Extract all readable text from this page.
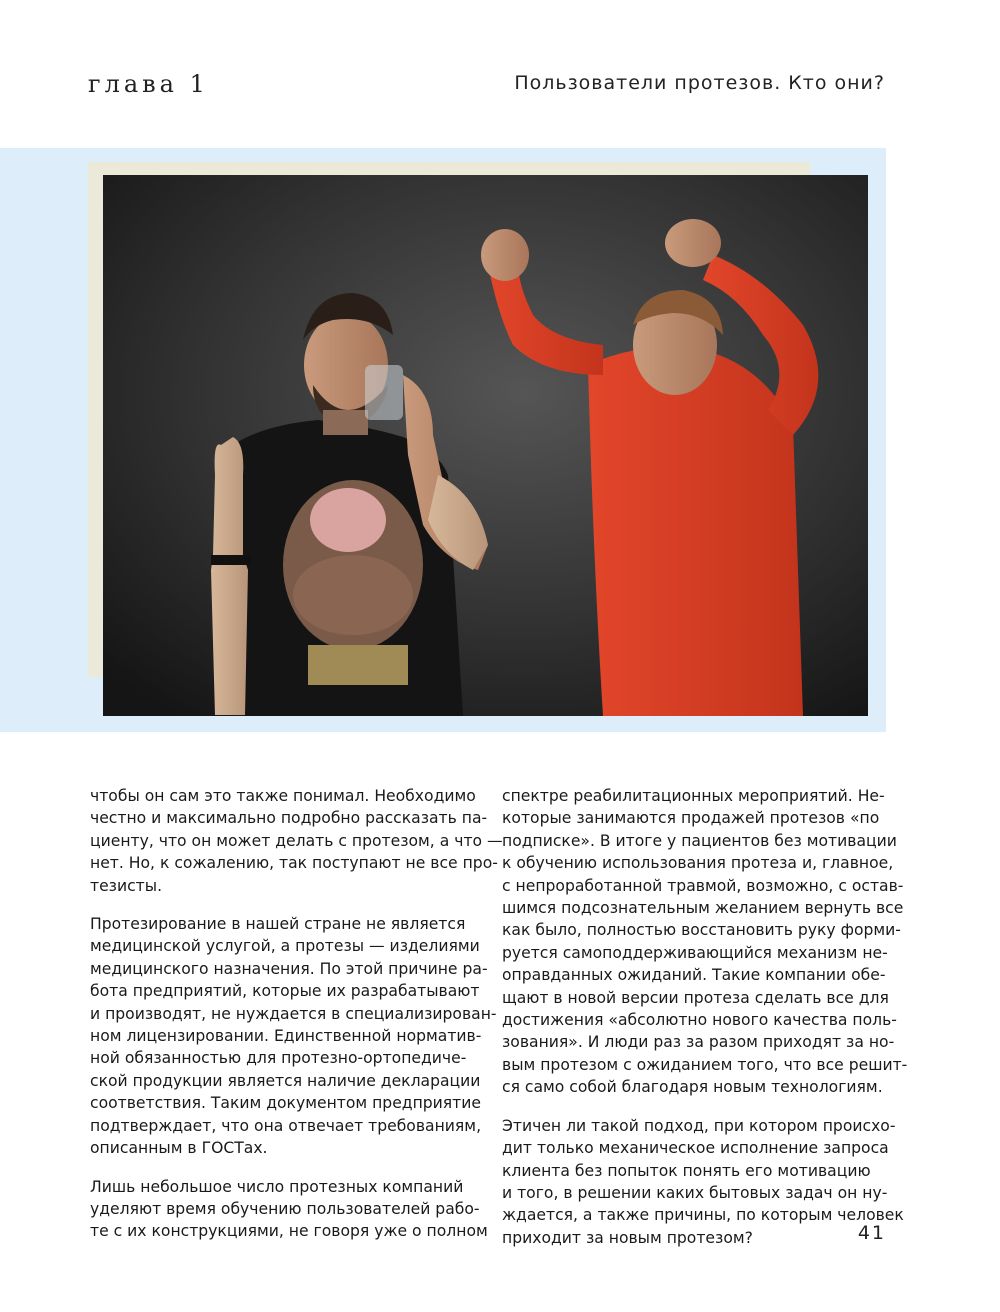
глава 1	Пользователи протезов. Кто они?

чтобы он сам это также понимал. Необходимо
честно и максимально подробно рассказать па-
циенту, что он может делать с протезом, а что —
нет. Но, к сожалению, так поступают не все про-
тезисты.

Протезирование в нашей стране не является
медицинской услугой, а протезы — изделиями
медицинского назначения. По этой причине ра-
бота предприятий, которые их разрабатывают
и производят, не нуждается в специализирован-
ном лицензировании. Единственной норматив-
ной обязанностью для протезно-ортопедиче-
ской продукции является наличие декларации
соответствия. Таким документом предприятие
подтверждает, что она отвечает требованиям,
описанным в ГОСТах.

Лишь небольшое число протезных компаний
уделяют время обучению пользователей рабо-
те с их конструкциями, не говоря уже о полном

спектре реабилитационных мероприятий. Не-
которые занимаются продажей протезов «по
подписке». В итоге у пациентов без мотивации
к обучению использования протеза и, главное,
с непроработанной травмой, возможно, с остав-
шимся подсознательным желанием вернуть все
как было, полностью восстановить руку форми-
руется самоподдерживающийся механизм не-
оправданных ожиданий. Такие компании обе-
щают в новой версии протеза сделать все для
достижения «абсолютно нового качества поль-
зования». И люди раз за разом приходят за но-
вым протезом с ожиданием того, что все решит-
ся само собой благодаря новым технологиям.

Этичен ли такой подход, при котором происхо-
дит только механическое исполнение запроса
клиента без попыток понять его мотивацию
и того, в решении каких бытовых задач он ну-
ждается, а также причины, по которым человек
приходит за новым протезом?	41
